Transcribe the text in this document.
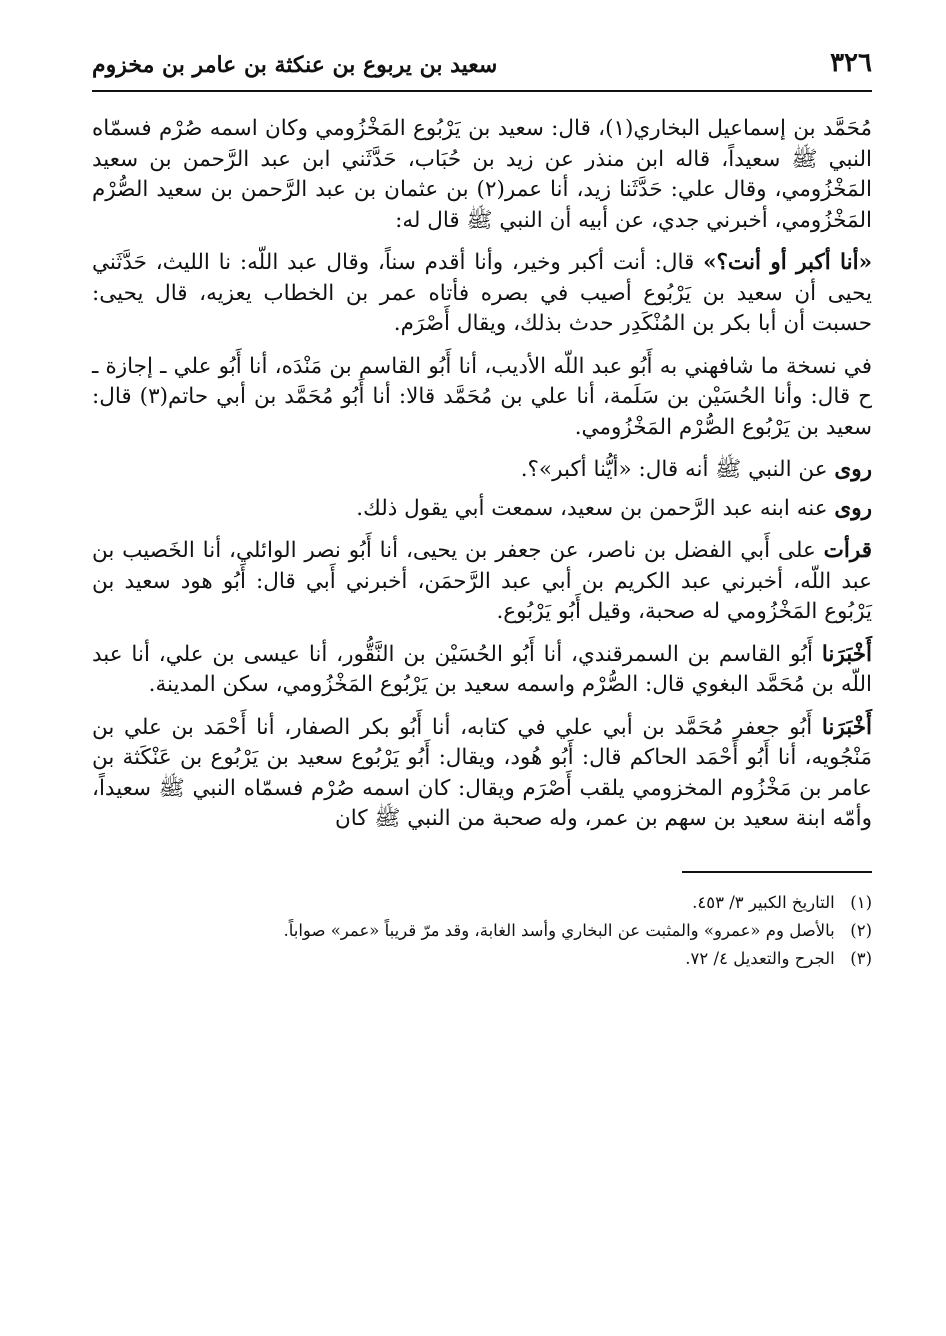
٣٢٦
سعيد بن يربوع بن عنكثة بن عامر بن مخزوم

مُحَمَّد بن إسماعيل البخاري(١)، قال: سعيد بن يَرْبُوع المَخْزُومي وكان اسمه صُرْم فسمّاه النبي ﷺ سعيداً، قاله ابن منذر عن زيد بن حُبَاب، حَدَّثَني ابن عبد الرَّحمن بن سعيد المَخْزُومي، وقال علي: حَدَّثَنا زيد، أنا عمر(٢) بن عثمان بن عبد الرَّحمن بن سعيد الصُّرْم المَخْزُومي، أخبرني جدي، عن أبيه أن النبي ﷺ قال له:

«أنا أكبر أو أنت؟» قال: أنت أكبر وخير، وأنا أقدم سناً، وقال عبد اللّه: نا الليث، حَدَّثَني يحيى أن سعيد بن يَرْبُوع أصيب في بصره فأتاه عمر بن الخطاب يعزيه، قال يحيى: حسبت أن أبا بكر بن المُنْكَدِر حدث بذلك، ويقال أَصْرَم.

في نسخة ما شافهني به أَبُو عبد اللّه الأديب، أنا أَبُو القاسم بن مَنْدَه، أنا أَبُو علي ـ إجازة ـ ح قال: وأنا الحُسَيْن بن سَلَمة، أنا علي بن مُحَمَّد قالا: أنا أَبُو مُحَمَّد بن أبي حاتم(٣) قال: سعيد بن يَرْبُوع الصُّرْم المَخْزُومي.

روى عن النبي ﷺ أنه قال: «أيُّنا أكبر»؟.

روى عنه ابنه عبد الرَّحمن بن سعيد، سمعت أبي يقول ذلك.

قرأت على أَبي الفضل بن ناصر، عن جعفر بن يحيى، أنا أَبُو نصر الوائلي، أنا الخَصيب بن عبد اللّه، أخبرني عبد الكريم بن أبي عبد الرَّحمَن، أخبرني أَبي قال: أَبُو هود سعيد بن يَرْبُوع المَخْزُومي له صحبة، وقيل أَبُو يَرْبُوع.

أَخْبَرَنا أَبُو القاسم بن السمرقندي، أنا أَبُو الحُسَيْن بن النَّقُّور، أنا عيسى بن علي، أنا عبد اللّه بن مُحَمَّد البغوي قال: الصُّرْم واسمه سعيد بن يَرْبُوع المَخْزُومي، سكن المدينة.

أَخْبَرَنا أَبُو جعفر مُحَمَّد بن أبي علي في كتابه، أنا أَبُو بكر الصفار، أنا أَحْمَد بن علي بن مَنْجُويه، أنا أَبُو أَحْمَد الحاكم قال: أَبُو هُود، ويقال: أَبُو يَرْبُوع سعيد بن يَرْبُوع بن عَنْكَثة بن عامر بن مَخْزُوم المخزومي يلقب أَصْرَم ويقال: كان اسمه صُرْم فسمّاه النبي ﷺ سعيداً، وأمّه ابنة سعيد بن سهم بن عمر، وله صحبة من النبي ﷺ كان

(١) التاريخ الكبير ٣/ ٤٥٣.

(٢) بالأصل وم «عمرو» والمثبت عن البخاري وأسد الغابة، وقد مرّ قريباً «عمر» صواباً.

(٣) الجرح والتعديل ٤/ ٧٢.
